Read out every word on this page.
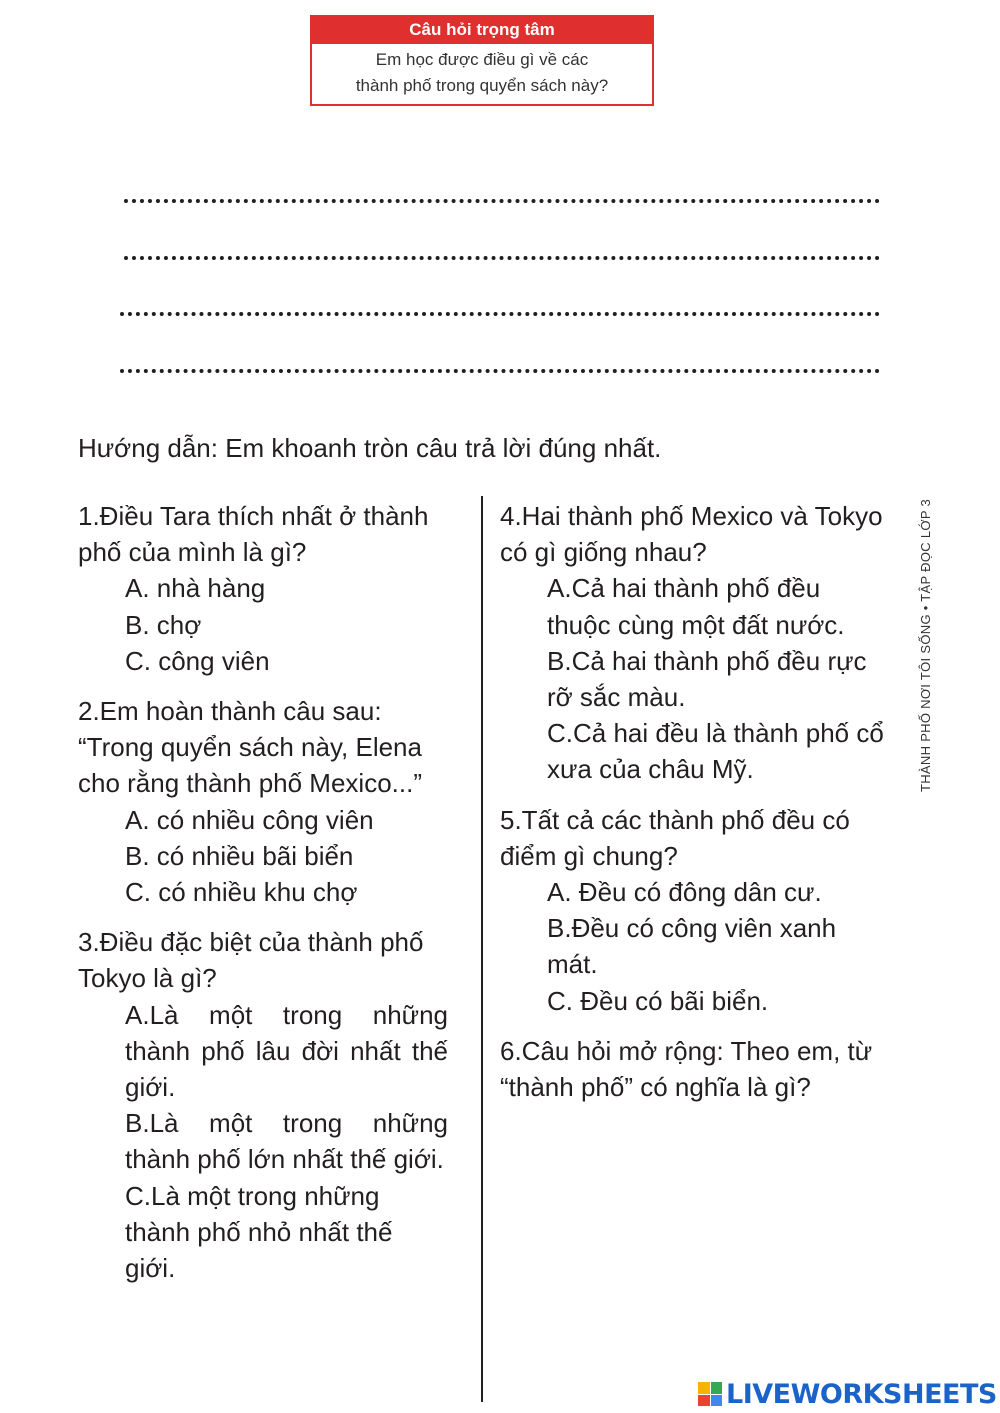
Câu hỏi trọng tâm
Em học được điều gì về các
thành phố trong quyển sách này?
Hướng dẫn: Em khoanh tròn câu trả lời đúng nhất.
THÀNH PHỐ NƠI TÔI SỐNG • TẬP ĐỌC LỚP 3
1.Điều Tara thích nhất ở thành phố của mình là gì?
A. nhà hàng
B. chợ
C. công viên
2.Em hoàn thành câu sau: “Trong quyển sách này, Elena cho rằng thành phố Mexico...”
A. có nhiều công viên
B. có nhiều bãi biển
C. có nhiều khu chợ
3.Điều đặc biệt của thành phố Tokyo là gì?
A.Là một trong những thành phố lâu đời nhất thế giới.
B.Là một trong những thành phố lớn nhất thế giới.
C.Là một trong những thành phố nhỏ nhất thế giới.
4.Hai thành phố Mexico và Tokyo có gì giống nhau?
A.Cả hai thành phố đều thuộc cùng một đất nước.
B.Cả hai thành phố đều rực rỡ sắc màu.
C.Cả hai đều là thành phố cổ xưa của châu Mỹ.
5.Tất cả các thành phố đều có điểm gì chung?
A. Đều có đông dân cư.
B.Đều có công viên xanh mát.
C. Đều có bãi biển.
6.Câu hỏi mở rộng: Theo em, từ “thành phố” có nghĩa là gì?
LIVEWORKSHEETS
